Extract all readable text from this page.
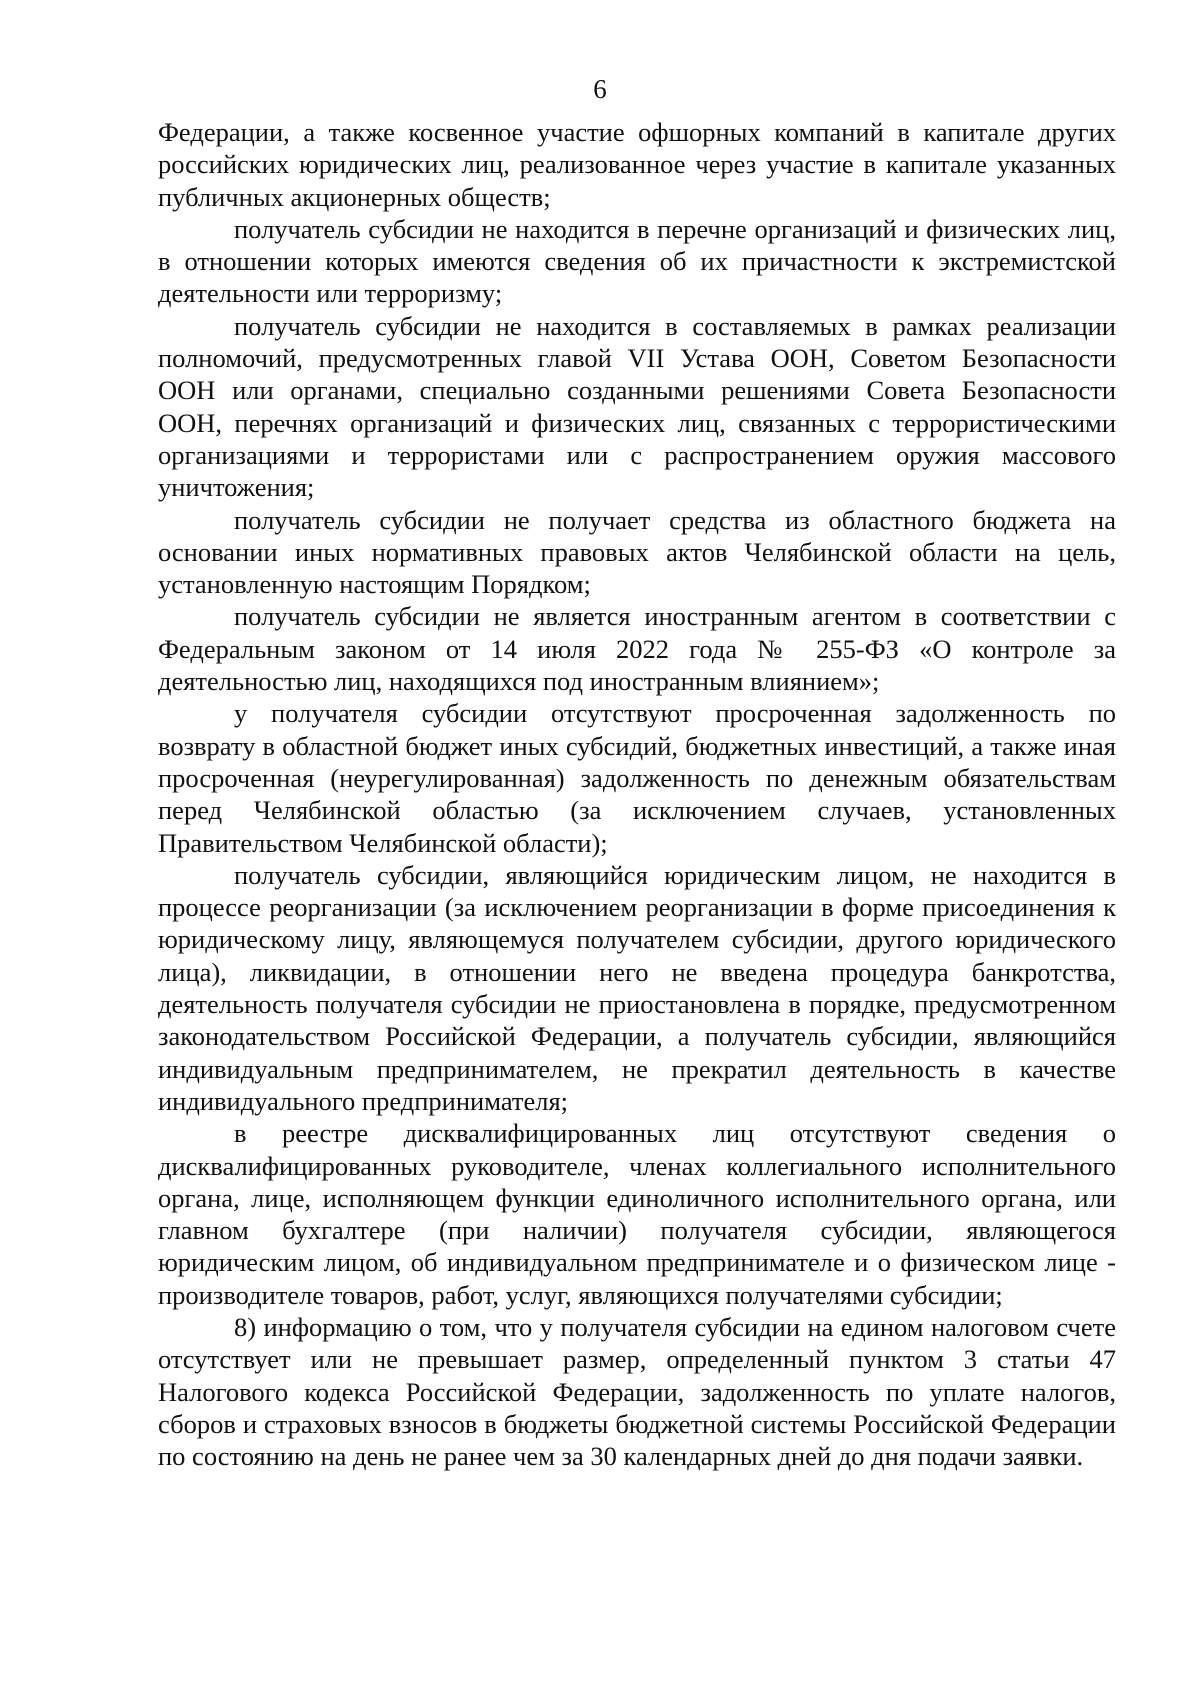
6

Федерации, а также косвенное участие офшорных компаний в капитале других российских юридических лиц, реализованное через участие в капитале указанных публичных акционерных обществ;

получатель субсидии не находится в перечне организаций и физических лиц, в отношении которых имеются сведения об их причастности к экстремистской деятельности или терроризму;

получатель субсидии не находится в составляемых в рамках реализации полномочий, предусмотренных главой VII Устава ООН, Советом Безопасности ООН или органами, специально созданными решениями Совета Безопасности ООН, перечнях организаций и физических лиц, связанных с террористическими организациями и террористами или с распространением оружия массового уничтожения;

получатель субсидии не получает средства из областного бюджета на основании иных нормативных правовых актов Челябинской области на цель, установленную настоящим Порядком;

получатель субсидии не является иностранным агентом в соответствии с Федеральным законом от 14 июля 2022 года № 255-ФЗ «О контроле за деятельностью лиц, находящихся под иностранным влиянием»;

у получателя субсидии отсутствуют просроченная задолженность по возврату в областной бюджет иных субсидий, бюджетных инвестиций, а также иная просроченная (неурегулированная) задолженность по денежным обязательствам перед Челябинской областью (за исключением случаев, установленных Правительством Челябинской области);

получатель субсидии, являющийся юридическим лицом, не находится в процессе реорганизации (за исключением реорганизации в форме присоединения к юридическому лицу, являющемуся получателем субсидии, другого юридического лица), ликвидации, в отношении него не введена процедура банкротства, деятельность получателя субсидии не приостановлена в порядке, предусмотренном законодательством Российской Федерации, а получатель субсидии, являющийся индивидуальным предпринимателем, не прекратил деятельность в качестве индивидуального предпринимателя;

в реестре дисквалифицированных лиц отсутствуют сведения о дисквалифицированных руководителе, членах коллегиального исполнительного органа, лице, исполняющем функции единоличного исполнительного органа, или главном бухгалтере (при наличии) получателя субсидии, являющегося юридическим лицом, об индивидуальном предпринимателе и о физическом лице - производителе товаров, работ, услуг, являющихся получателями субсидии;

8) информацию о том, что у получателя субсидии на едином налоговом счете отсутствует или не превышает размер, определенный пунктом 3 статьи 47 Налогового кодекса Российской Федерации, задолженность по уплате налогов, сборов и страховых взносов в бюджеты бюджетной системы Российской Федерации по состоянию на день не ранее чем за 30 календарных дней до дня подачи заявки.
